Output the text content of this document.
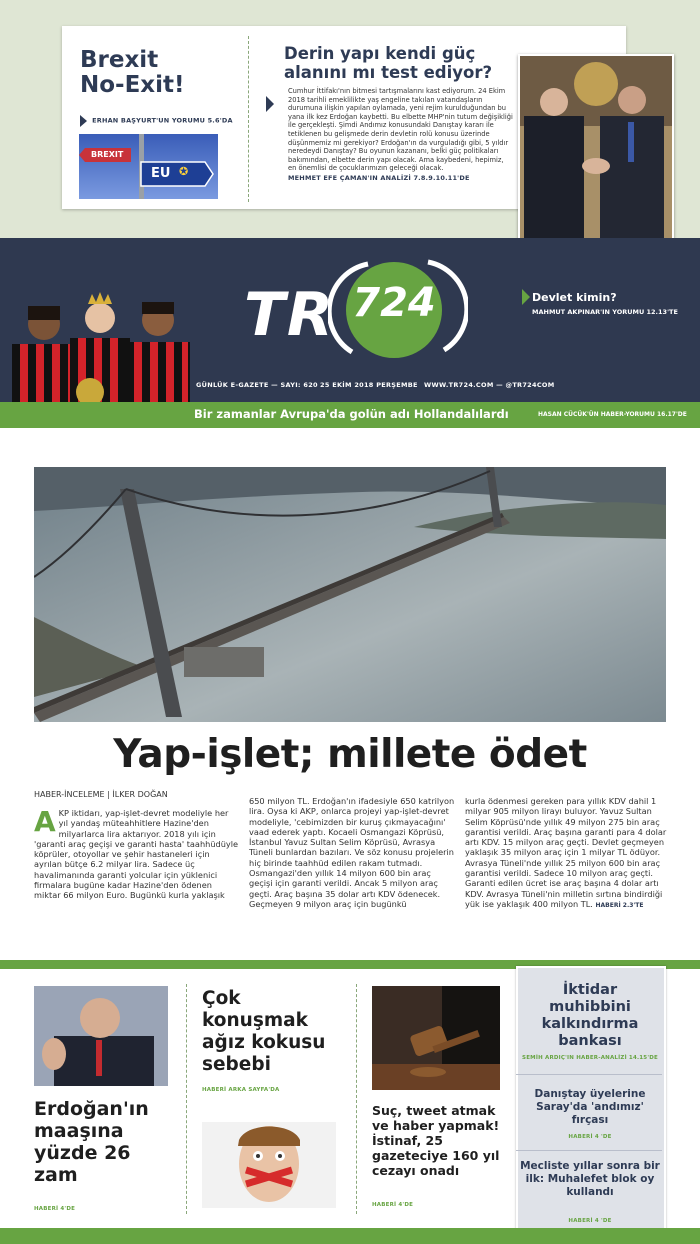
Brexit
No-Exit!
ERHAN BAŞYURT'UN YORUMU 5.6'DA
BREXIT
EU ✪
Derin yapı kendi güç alanını mı test ediyor?
Cumhur İttifakı'nın bitmesi tartışmalarını kast ediyorum. 24 Ekim 2018 tarihli emeklilikte yaş engeline takılan vatandaşların durumuna ilişkin yapılan oylamada, yeni rejim kurulduğundan bu yana ilk kez Erdoğan kaybetti. Bu elbette MHP'nin tutum değişikliği ile gerçekleşti. Şimdi Andımız konusundaki Danıştay kararı ile tetiklenen bu gelişmede derin devletin rolü konusu üzerinde düşünmemiz mi gerekiyor? Erdoğan'ın da vurguladığı gibi, 5 yıldır neredeydi Danıştay? Bu oyunun kazananı, belki güç politikaları bakımından, elbette derin yapı olacak. Ama kaybedeni, hepimiz, en önemlisi de çocuklarımızın geleceği olacak.
MEHMET EFE ÇAMAN'IN ANALİZİ 7.8.9.10.11'DE
TR 724
GÜNLÜK E-GAZETE — SAYI: 620 25 EKİM 2018 PERŞEMBE WWW.TR724.COM — @TR724COM
Devlet kimin?
MAHMUT AKPINAR'IN YORUMU 12.13'TE
Bir zamanlar Avrupa'da golün adı Hollandalılardı	HASAN CÜCÜK'ÜN HABER-YORUMU 16.17'DE
Yap-işlet; millete ödet
HABER-İNCELEME | İLKER DOĞAN
AKP iktidarı, yap-işlet-devret modeliyle her yıl yandaş müteahhitlere Hazine'den milyarlarca lira aktarıyor. 2018 yılı için 'garanti araç geçişi ve garanti hasta' taahhüdüyle köprüler, otoyollar ve şehir hastaneleri için ayrılan bütçe 6.2 milyar lira. Sadece üç havalimanında garanti yolcular için yüklenici firmalara bugüne kadar Hazine'den ödenen miktar 66 milyon Euro. Bugünkü kurla yaklaşık
650 milyon TL. Erdoğan'ın ifadesiyle 650 katrilyon lira. Oysa ki AKP, onlarca projeyi yap-işlet-devret modeliyle, 'cebimizden bir kuruş çıkmayacağını' vaad ederek yaptı. Kocaeli Osmangazi Köprüsü, İstanbul Yavuz Sultan Selim Köprüsü, Avrasya Tüneli bunlardan bazıları. Ve söz konusu projelerin hiç birinde taahhüd edilen rakam tutmadı. Osmangazi'den yıllık 14 milyon 600 bin araç geçişi için garanti verildi. Ancak 5 milyon araç geçti. Araç başına 35 dolar artı KDV ödenecek. Geçmeyen 9 milyon araç için bugünkü
kurla ödenmesi gereken para yıllık KDV dahil 1 milyar 905 milyon lirayı buluyor. Yavuz Sultan Selim Köprüsü'nde yıllık 49 milyon 275 bin araç garantisi verildi. Araç başına garanti para 4 dolar artı KDV. 15 milyon araç geçti. Devlet geçmeyen yaklaşık 35 milyon araç için 1 milyar TL ödüyor. Avrasya Tüneli'nde yıllık 25 milyon 600 bin araç garantisi verildi. Sadece 10 milyon araç geçti. Garanti edilen ücret ise araç başına 4 dolar artı KDV. Avrasya Tüneli'nin milletin sırtına bindirdiği yük ise yaklaşık 400 milyon TL. HABERİ 2.3'TE
Erdoğan'ın maaşına yüzde 26 zam
HABERİ 4'DE
Çok konuşmak ağız kokusu sebebi
HABERİ ARKA SAYFA'DA
Suç, tweet atmak ve haber yapmak! İstinaf, 25 gazeteciye 160 yıl cezayı onadı
HABERİ 4'DE
İktidar muhibbini kalkındırma bankası
SEMİH ARDIÇ'IN HABER-ANALİZİ 14.15'DE
Danıştay üyelerine Saray'da 'andımız' fırçası
HABERİ 4 'DE
Mecliste yıllar sonra bir ilk: Muhalefet blok oy kullandı
HABERİ 4 'DE
